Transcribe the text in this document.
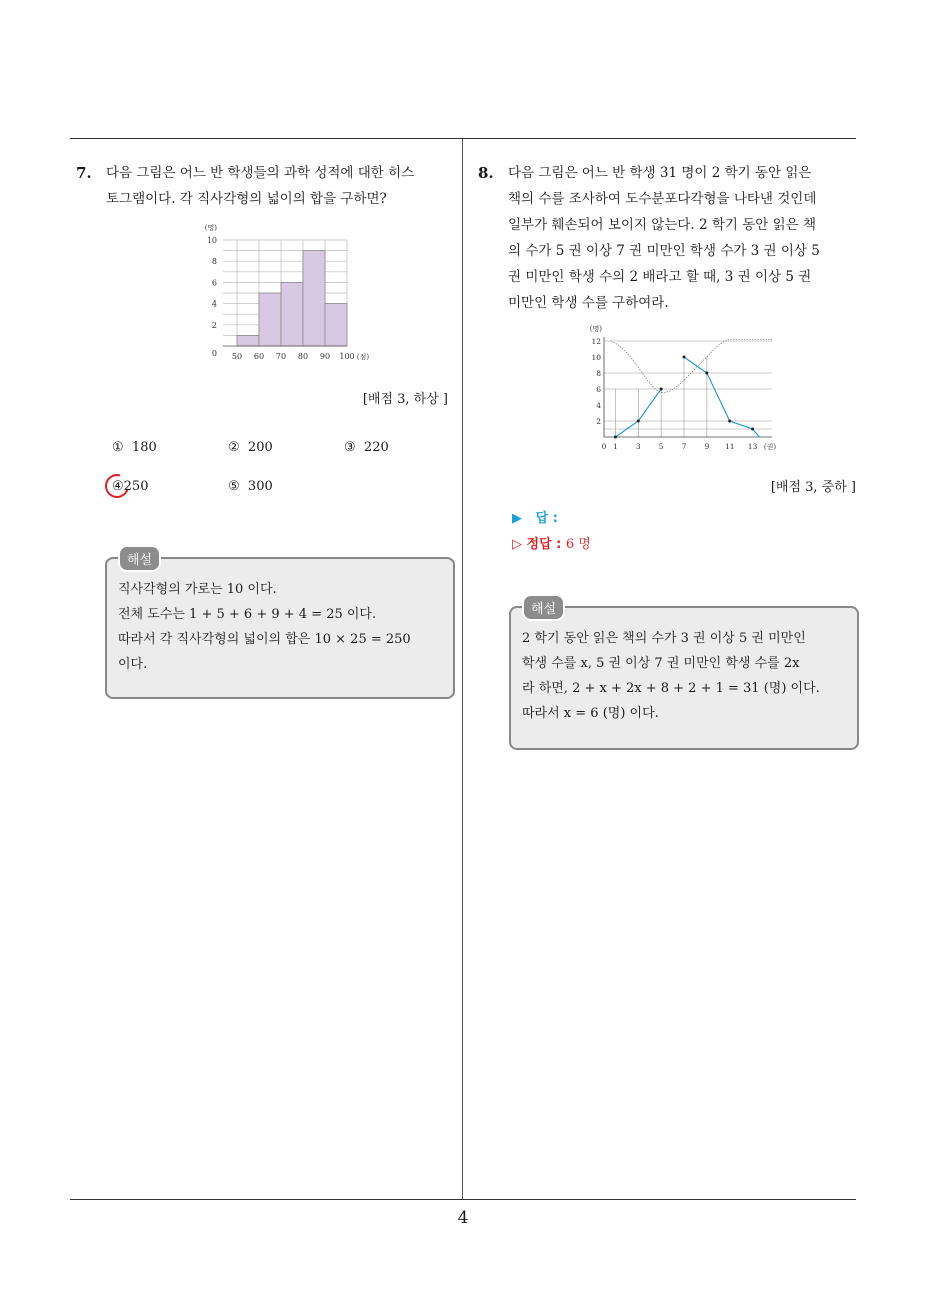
7. 다음 그림은 어느 반 학생들의 과학 성적에 대한 히스
토그램이다. 각 직사각형의 넓이의 합을 구하면?
0
2
4
6
8
10
(명)
50 60 70 80 90 100 (점)
[배점 3, 하상 ]
① 180	② 200	③ 220
④250	⑤ 300
해설
직사각형의 가로는 10 이다.
전체 도수는 1 + 5 + 6 + 9 + 4 = 25 이다.
따라서 각 직사각형의 넓이의 합은 10 × 25 = 250
이다.
8. 다음 그림은 어느 반 학생 31 명이 2 학기 동안 읽은
책의 수를 조사하여 도수분포다각형을 나타낸 것인데
일부가 훼손되어 보이지 않는다. 2 학기 동안 읽은 책
의 수가 5 권 이상 7 권 미만인 학생 수가 3 권 이상 5
권 미만인 학생 수의 2 배라고 할 때, 3 권 이상 5 권
미만인 학생 수를 구하여라.
2
4
6
8
10
12
(명)
0 1 3 5 7 9 11 13 (권)
[배점 3, 중하 ]
▶ 답 :
▷ 정답 : 6 명
해설
2 학기 동안 읽은 책의 수가 3 권 이상 5 권 미만인
학생 수를 x, 5 권 이상 7 권 미만인 학생 수를 2x
라 하면, 2 + x + 2x + 8 + 2 + 1 = 31 (명) 이다.
따라서 x = 6 (명) 이다.
4
